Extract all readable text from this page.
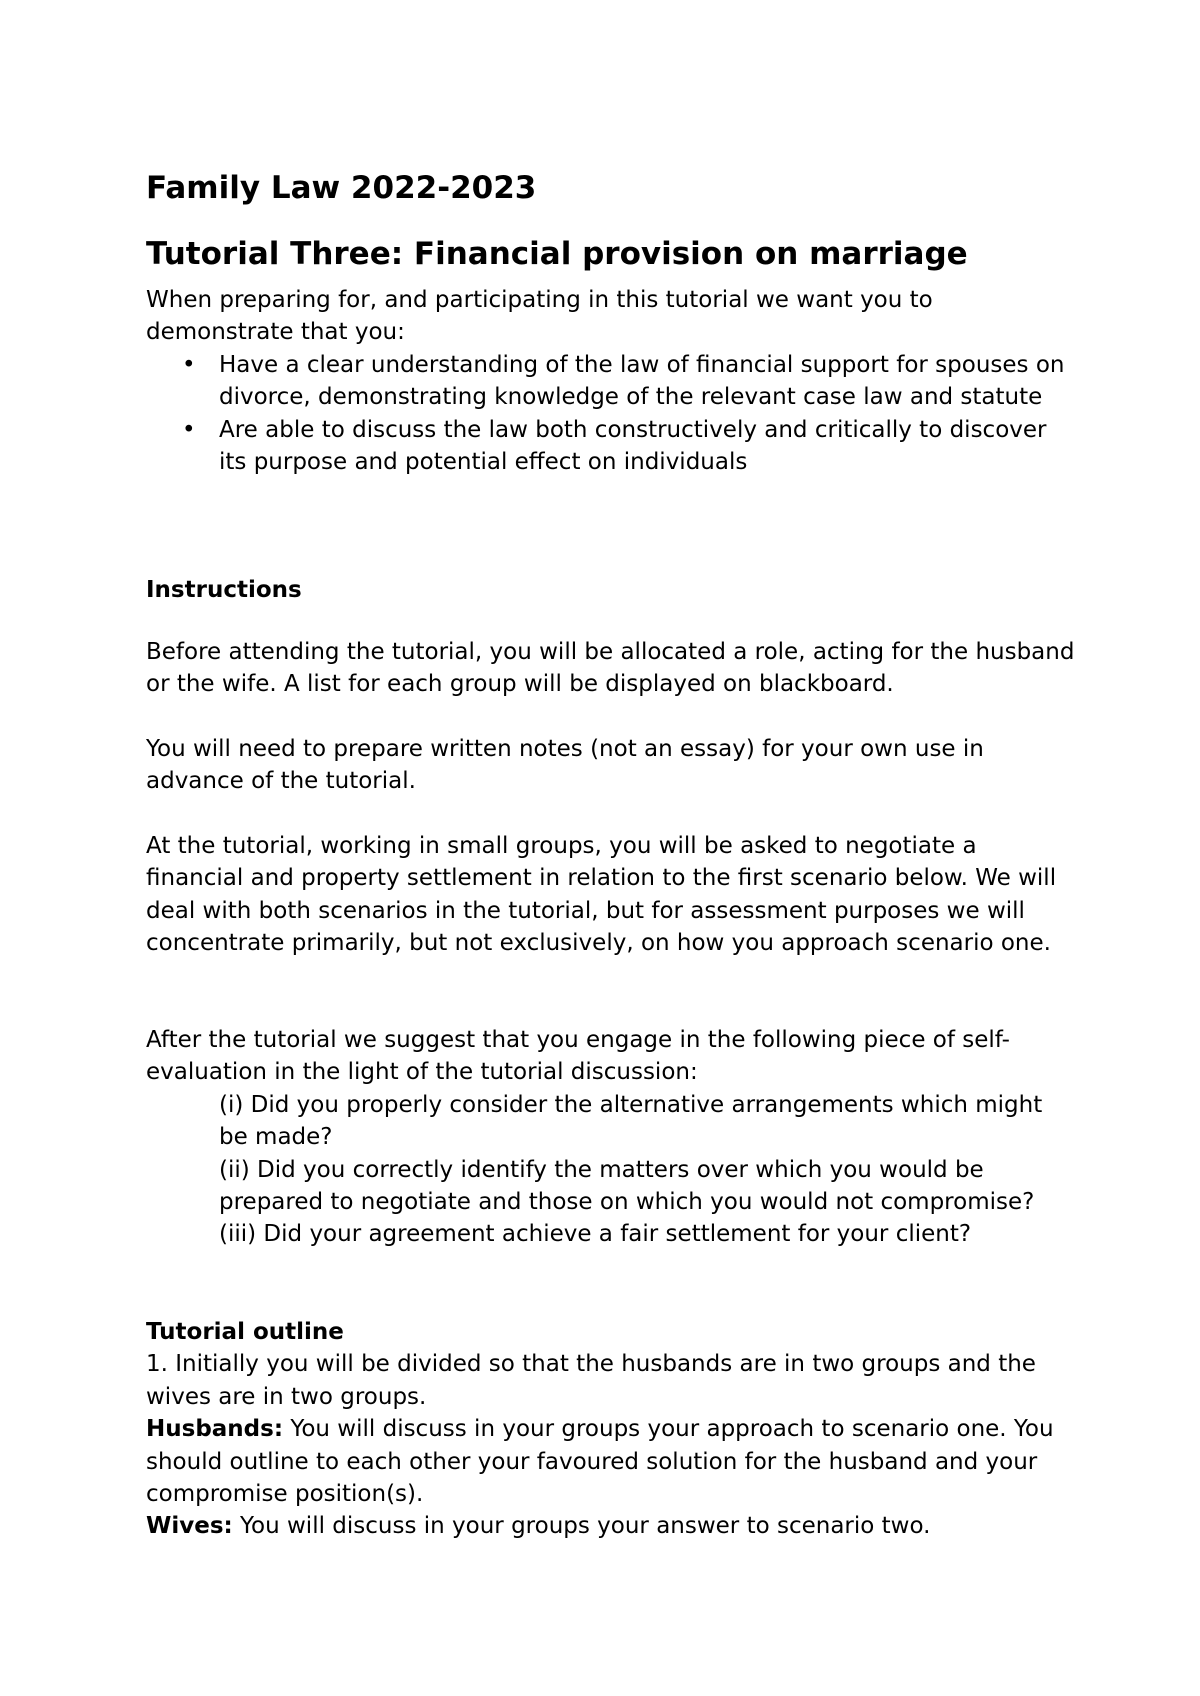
Family Law 2022-2023
Tutorial Three: Financial provision on marriage

When preparing for, and participating in this tutorial we want you to demonstrate that you:

• Have a clear understanding of the law of financial support for spouses on divorce, demonstrating knowledge of the relevant case law and statute
• Are able to discuss the law both constructively and critically to discover its purpose and potential effect on individuals
Instructions

Before attending the tutorial, you will be allocated a role, acting for the husband or the wife. A list for each group will be displayed on blackboard.

You will need to prepare written notes (not an essay) for your own use in advance of the tutorial.

At the tutorial, working in small groups, you will be asked to negotiate a financial and property settlement in relation to the first scenario below. We will deal with both scenarios in the tutorial, but for assessment purposes we will concentrate primarily, but not exclusively, on how you approach scenario one.

After the tutorial we suggest that you engage in the following piece of self-evaluation in the light of the tutorial discussion:

(i) Did you properly consider the alternative arrangements which might be made?

(ii) Did you correctly identify the matters over which you would be prepared to negotiate and those on which you would not compromise?

(iii) Did your agreement achieve a fair settlement for your client?

Tutorial outline

1. Initially you will be divided so that the husbands are in two groups and the wives are in two groups.

Husbands: You will discuss in your groups your approach to scenario one. You should outline to each other your favoured solution for the husband and your compromise position(s).

Wives: You will discuss in your groups your answer to scenario two.
